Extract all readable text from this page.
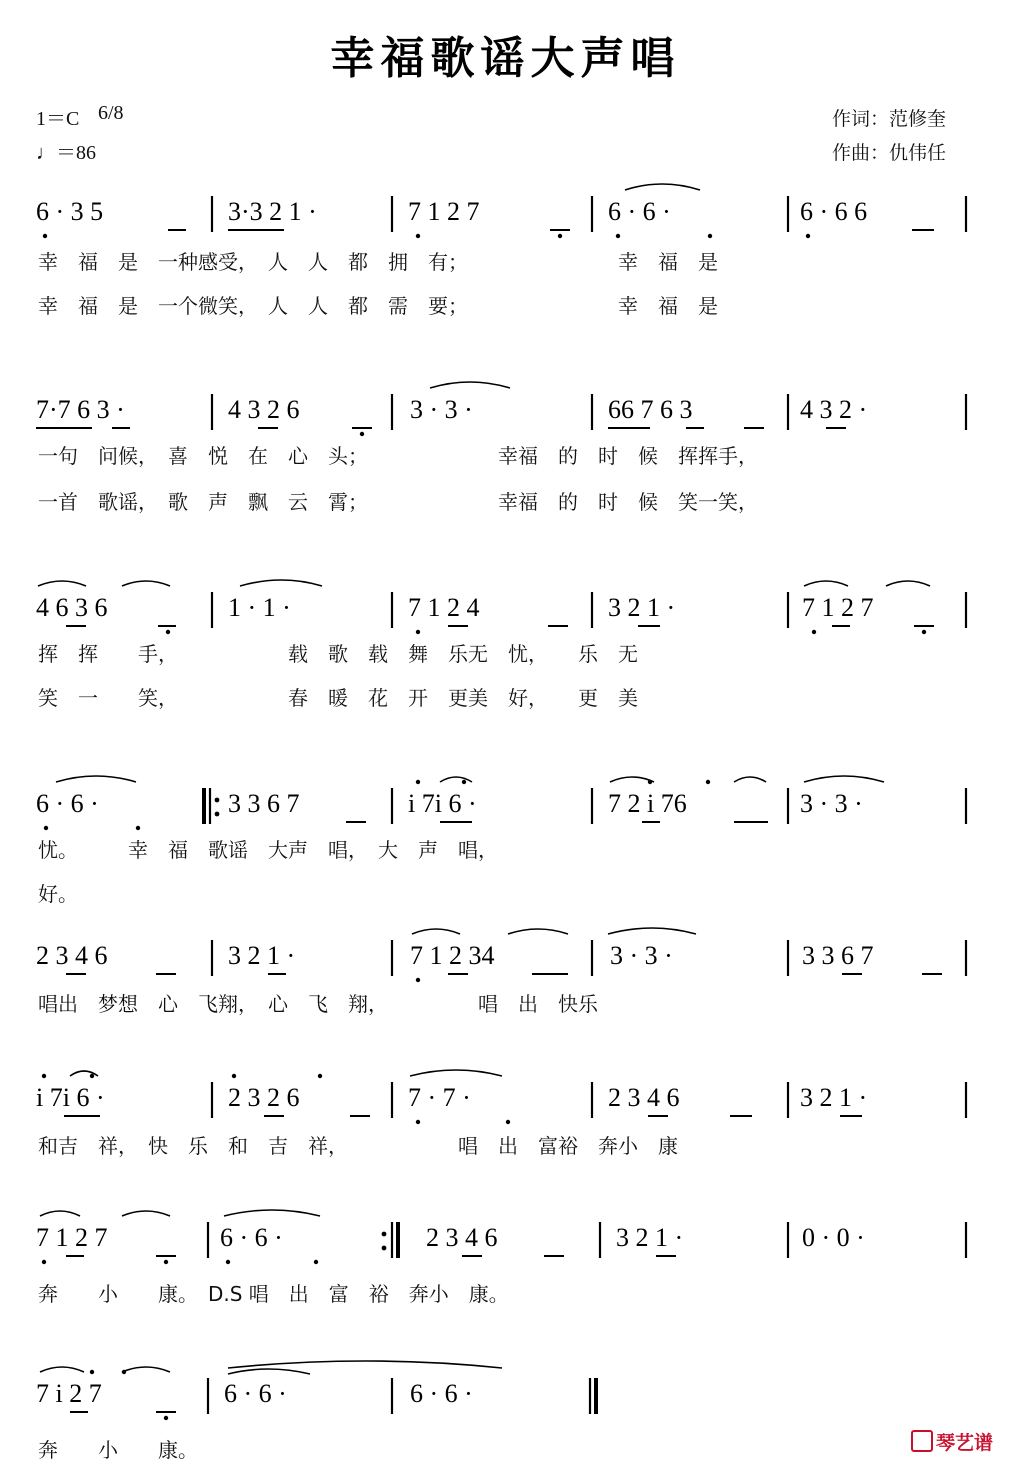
幸福歌谣大声唱
1＝C 6/8
♩＝86
作词：范修奎
作曲：仇伟任
6 · 3 5	3·3 2 1 ·	7 1 2 7	6 · 6 ·	6 · 6 6
幸　福　是　一种感受，　人　人　都　拥　有；　　　　　　　　幸　福　是
幸　福　是　一个微笑，　人　人　都　需　要；　　　　　　　　幸　福　是
7·7 6 3 ·	4 3 2 6	3 · 3 ·	66 7 6 3	4 3 2 ·
一句　问候，　喜　悦　在　心　头；　　　　　　　幸福　的　时　候　挥挥手，
一首　歌谣，　歌　声　飘　云　霄；　　　　　　　幸福　的　时　候　笑一笑，
4 6 3 6	1 · 1 ·	7 1 2 4	3 2 1 ·	7 1 2 7
挥　挥　　手，　　　　　　载　歌　载　舞　乐无　忧，　　乐　无
笑　一　　笑，　　　　　　春　暖　花　开　更美　好，　　更　美
6 · 6 ·	3 3 6 7	i 7i 6 ·	7 2 i 76	3 · 3 ·
忧。　　　幸　福　歌谣　大声　唱，　大　声　唱，
好。
2 3 4 6	3 2 1 ·	7 1 2 34	3 · 3 ·	3 3 6 7
唱出　梦想　心　飞翔，　心　飞　翔，　　　　　唱　出　快乐
i 7i 6 ·	2 3 2 6	7 · 7 ·	2 3 4 6	3 2 1 ·
和吉　祥，　快　乐　和　吉　祥，　　　　　　唱　出　富裕　奔小　康
7 1 2 7	6 · 6 ·	2 3 4 6	3 2 1 ·	0 · 0 ·
奔　　小　　康。　D.S 唱　出　富　裕　奔小　康。
7 i 2 7	6 · 6 ·	6 · 6 ·
奔　　小　　康。	琴艺谱
